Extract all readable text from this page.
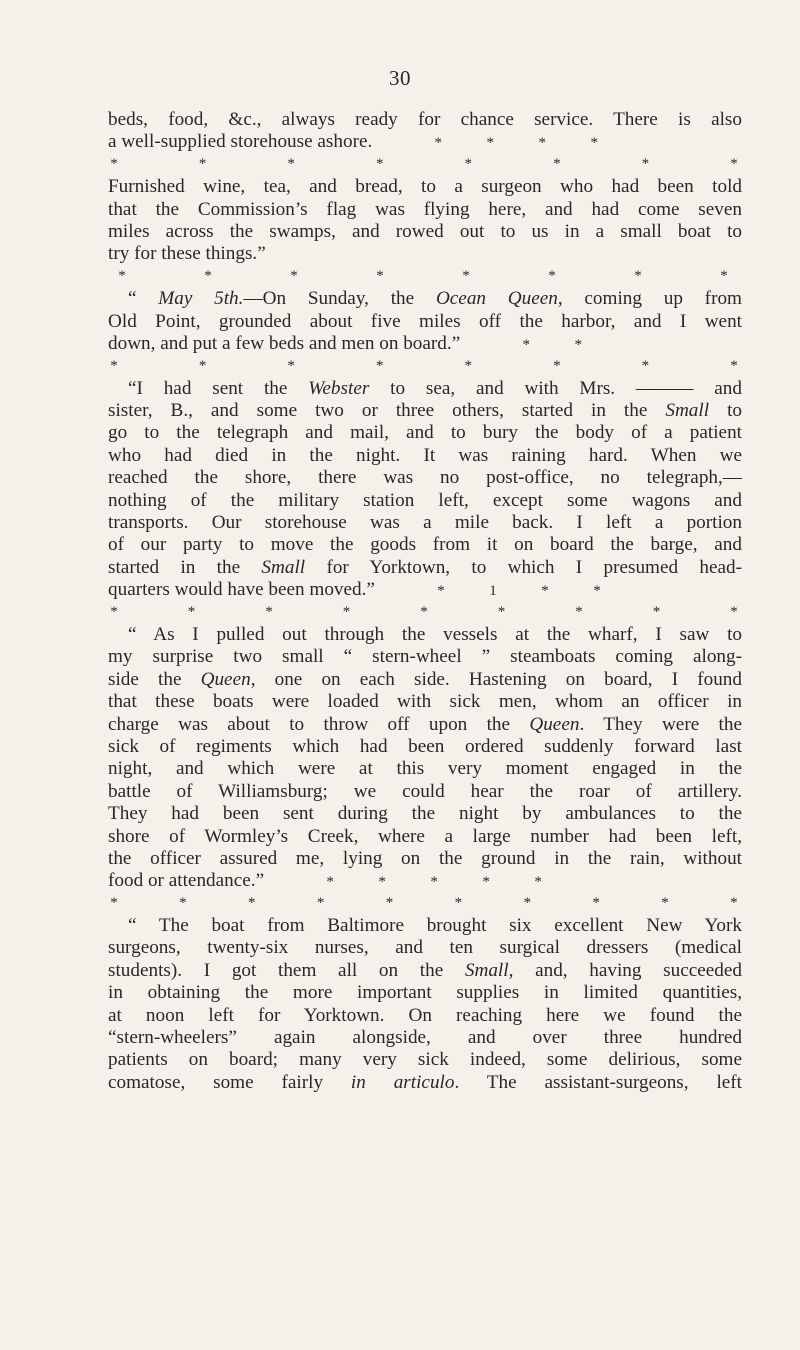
30
beds, food, &c., always ready for chance service. There is also
a well-supplied storehouse ashore.	*	*	*	*
*	*	*	*	*	*	*	*
Furnished wine, tea, and bread, to a surgeon who had been told
that the Commission’s flag was flying here, and had come seven
miles across the swamps, and rowed out to us in a small boat to
try for these things.”
*	*	*	*	*	*	*	*
“ May 5th.—On Sunday, the Ocean Queen, coming up from
Old Point, grounded about five miles off the harbor, and I went
down, and put a few beds and men on board.”	*	*
*	*	*	*	*	*	*	*
“I had sent the Webster to sea, and with Mrs. ——— and
sister, B., and some two or three others, started in the Small to
go to the telegraph and mail, and to bury the body of a patient
who had died in the night. It was raining hard. When we
reached the shore, there was no post-office, no telegraph,—
nothing of the military station left, except some wagons and
transports. Our storehouse was a mile back. I left a portion
of our party to move the goods from it on board the barge, and
started in the Small for Yorktown, to which I presumed head-
quarters would have been moved.”	*	1	*	*
*	*	*	*	*	*	*	*	*
“ As I pulled out through the vessels at the wharf, I saw to
my surprise two small “ stern-wheel ” steamboats coming along-
side the Queen, one on each side. Hastening on board, I found
that these boats were loaded with sick men, whom an officer in
charge was about to throw off upon the Queen. They were the
sick of regiments which had been ordered suddenly forward last
night, and which were at this very moment engaged in the
battle of Williamsburg; we could hear the roar of artillery.
They had been sent during the night by ambulances to the
shore of Wormley’s Creek, where a large number had been left,
the officer assured me, lying on the ground in the rain, without
food or attendance.”	*	*	*	*	*
*	*	*	*	*	*	*	*	*	*
“ The boat from Baltimore brought six excellent New York
surgeons, twenty-six nurses, and ten surgical dressers (medical
students). I got them all on the Small, and, having succeeded
in obtaining the more important supplies in limited quantities,
at noon left for Yorktown. On reaching here we found the
“stern-wheelers” again alongside, and over three hundred
patients on board; many very sick indeed, some delirious, some
comatose, some fairly in articulo. The assistant-surgeons, left
